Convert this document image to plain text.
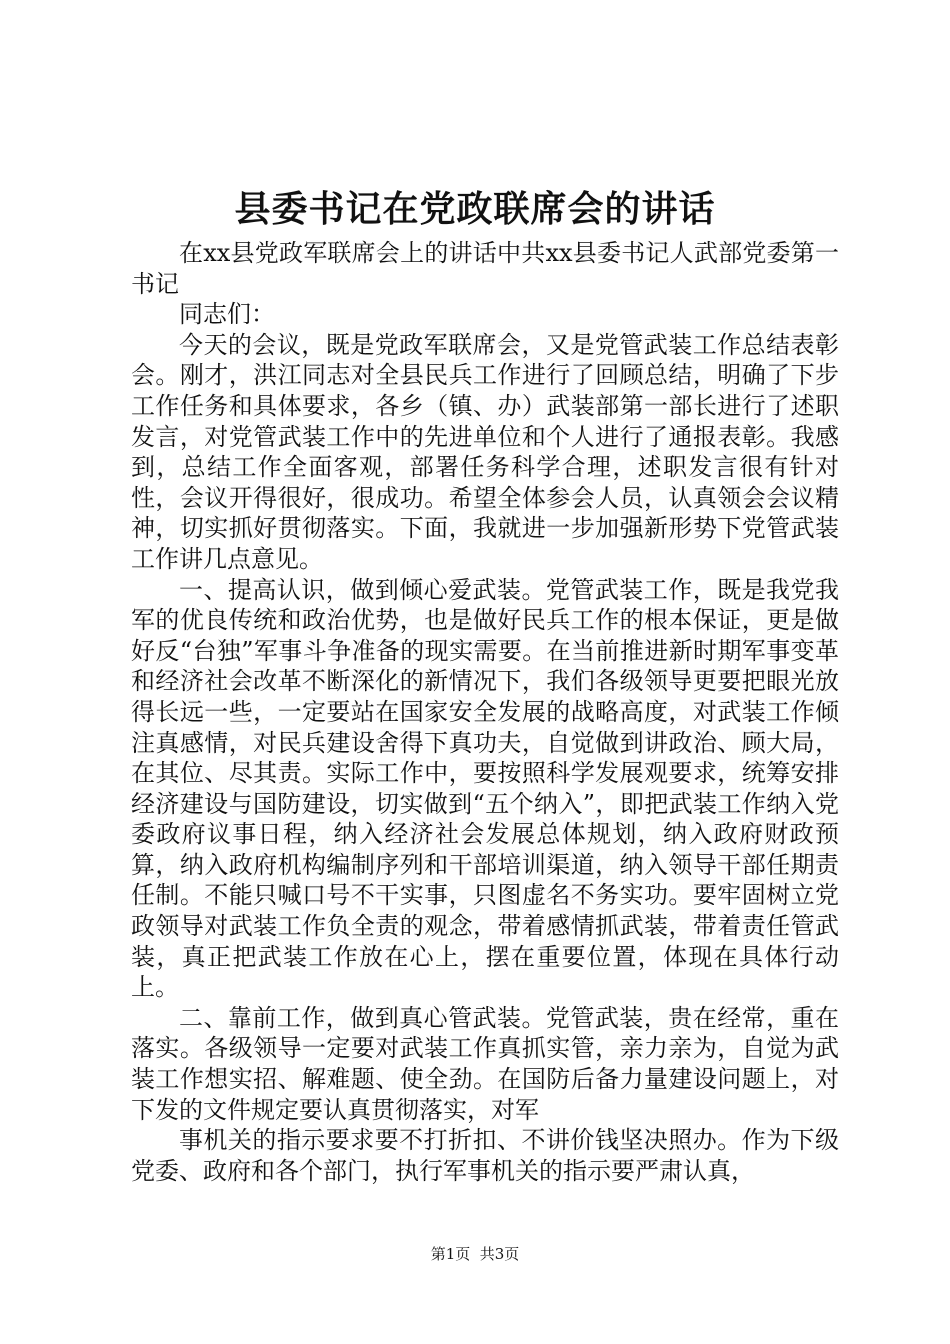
县委书记在党政联席会的讲话

在xx县党政军联席会上的讲话中共xx县委书记人武部党委第一书记

同志们：

今天的会议，既是党政军联席会，又是党管武装工作总结表彰会。刚才，洪江同志对全县民兵工作进行了回顾总结，明确了下步工作任务和具体要求，各乡（镇、办）武装部第一部长进行了述职发言，对党管武装工作中的先进单位和个人进行了通报表彰。我感到，总结工作全面客观，部署任务科学合理，述职发言很有针对性，会议开得很好，很成功。希望全体参会人员，认真领会会议精神，切实抓好贯彻落实。下面，我就进一步加强新形势下党管武装工作讲几点意见。

一、提高认识，做到倾心爱武装。党管武装工作，既是我党我军的优良传统和政治优势，也是做好民兵工作的根本保证，更是做好反“台独”军事斗争准备的现实需要。在当前推进新时期军事变革和经济社会改革不断深化的新情况下，我们各级领导更要把眼光放得长远一些，一定要站在国家安全发展的战略高度，对武装工作倾注真感情，对民兵建设舍得下真功夫，自觉做到讲政治、顾大局，在其位、尽其责。实际工作中，要按照科学发展观要求，统筹安排经济建设与国防建设，切实做到“五个纳入”，即把武装工作纳入党委政府议事日程，纳入经济社会发展总体规划，纳入政府财政预算，纳入政府机构编制序列和干部培训渠道，纳入领导干部任期责任制。不能只喊口号不干实事，只图虚名不务实功。要牢固树立党政领导对武装工作负全责的观念，带着感情抓武装，带着责任管武装，真正把武装工作放在心上，摆在重要位置，体现在具体行动上。

二、靠前工作，做到真心管武装。党管武装，贵在经常，重在落实。各级领导一定要对武装工作真抓实管，亲力亲为，自觉为武装工作想实招、解难题、使全劲。在国防后备力量建设问题上，对下发的文件规定要认真贯彻落实，对军

事机关的指示要求要不打折扣、不讲价钱坚决照办。作为下级党委、政府和各个部门，执行军事机关的指示要严肃认真，

第1页  共3页
